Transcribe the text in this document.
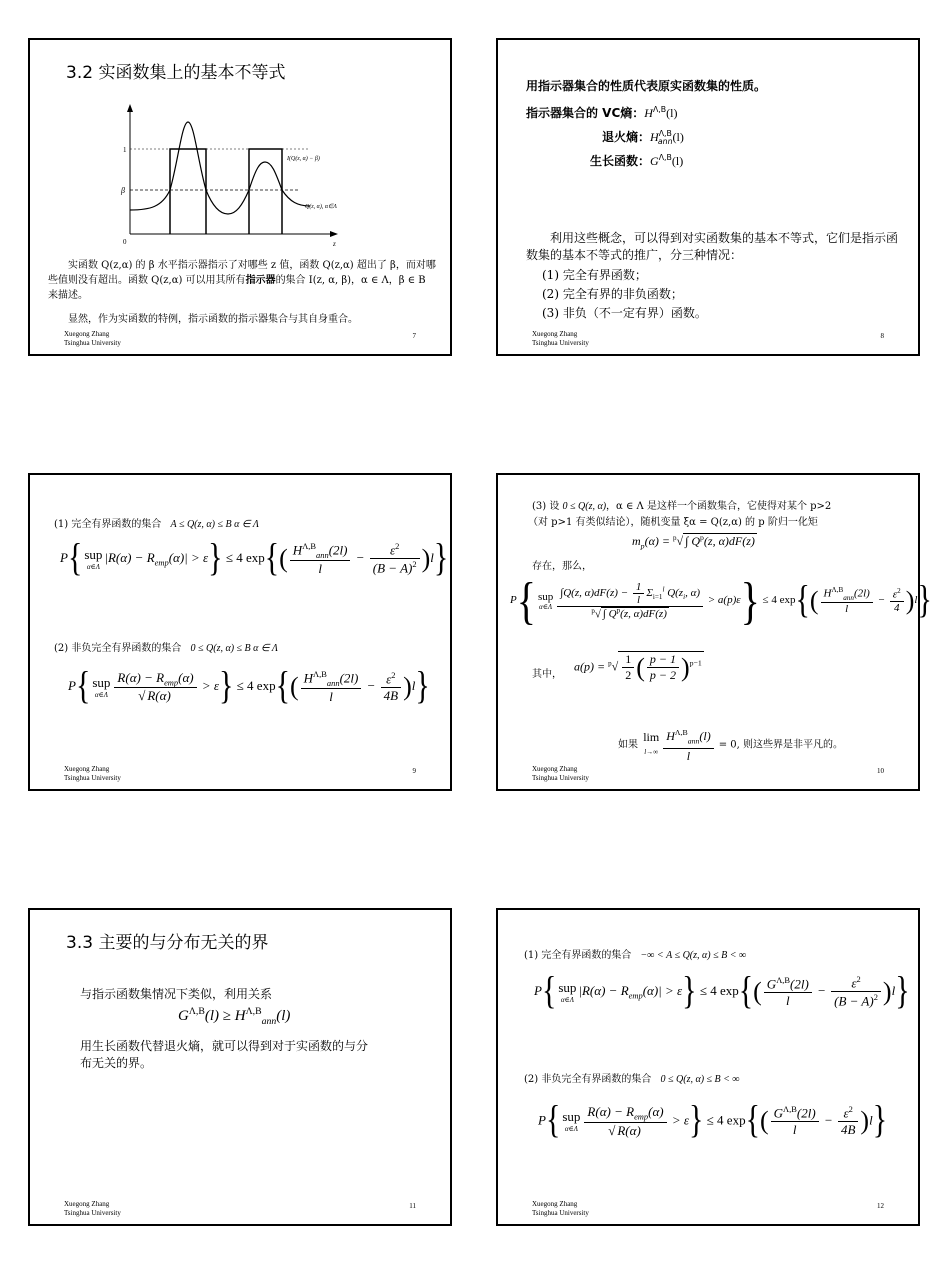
3.2 实函数集上的基本不等式
1
β
0	z
I(Q(z, α) − β)
Q(z, α), α∈Λ
实函数 Q(z,α) 的 β 水平指示器指示了对哪些 z 值，函数 Q(z,α) 超出了 β，而对哪些值则没有超出。函数 Q(z,α) 可以用其所有指示器的集合 I(z, α, β)，α ∈ Λ，β ∈ B 来描述。
显然，作为实函数的特例，指示函数的指示器集合与其自身重合。
Xuegong Zhang
Tsinghua University
7
用指示器集合的性质代表原实函数集的性质。
指示器集合的 VC熵：$H^{\Lambda,B}(l)$
退火熵：$H^{\Lambda,B}_{ann}(l)$
生长函数：$G^{\Lambda,B}(l)$
利用这些概念，可以得到对实函数集的基本不等式，它们是指示函数集的基本不等式的推广，分三种情况：
(1) 完全有界函数；
(2) 完全有界的非负函数；
(3) 非负（不一定有界）函数。
Xuegong Zhang
Tsinghua University
8
(1) 完全有界函数的集合 A ≤ Q(z, α) ≤ B α ∈ Λ
P{ sup
α∈Λ
$|R(\alpha) - R_{emp}(\alpha)| > \varepsilon\} \le 4$ $\exp\{( \frac{H^{\Lambda,B}_{ann}(2l)}{l} - \frac{\varepsilon^2}{(B - A)^2} )l\}$
(2) 非负完全有界函数的集合 0 ≤ Q(z, α) ≤ B α ∈ Λ
P{ sup
α∈Λ $\frac{R(\alpha) - R_{emp}(\alpha)}{√ R(\alpha)} > \varepsilon\} \le 4$ $\exp\{( \frac{H^{\Lambda,B}_{ann}(2l)}{l} - \frac{\varepsilon^2}{4B} )l\}$
Xuegong Zhang
Tsinghua University
9
(3) 设 0 ≤ Q(z, α)，α ∈ Λ 是这样一个函数集合，它使得对某个 p>2
（对 p>1 有类似结论），随机变量 ξα = Q(z,α) 的 p 阶归一化矩
$m_p(\alpha) = ^p√$ ∫ $Q^p(z$, α)dF(z)
存在，那么，
P{ sup
α∈Λ $\frac{\int Q(z, \alpha)dF(z) - \frac{1}{l} \Sigma_{i=1}^l Q(z_i, \alpha)}{^p√ \int Q^p(z, \alpha)dF(z)} > a(p)\varepsilon\} \le 4$ $\exp\{( \frac{H^{\Lambda,B}_{ann}(2l)}{l} - \frac{\varepsilon^2}{4} )l\}$
其中，
$a(p) = ^p√ \frac{1}{2}$ ( $\frac{p - 1}{p - 2} )^{p-1}$
如果 lim
$l\to\infty \frac{H^{\Lambda,B}_{ann}(l)}{l} = 0$, 则这些界是非平凡的。
Xuegong Zhang
Tsinghua University
10
3.3 主要的与分布无关的界
与指示函数集情况下类似，利用关系
$G^{\Lambda,B}(l) \ge H^{\Lambda,B}_{ann}(l)$
用生长函数代替退火熵，就可以得到对于实函数的与分布无关的界。
Xuegong Zhang
Tsinghua University
11
(1) 完全有界函数的集合 −∞ < A ≤ Q(z, α) ≤ B < ∞
P{ sup
α∈Λ
$|R(\alpha) - R_{emp}(\alpha)| > \varepsilon\} \le 4$ $\exp\{( \frac{G^{\Lambda,B}(2l)}{l} - \frac{\varepsilon^2}{(B - A)^2} )l\}$
(2) 非负完全有界函数的集合 0 ≤ Q(z, α) ≤ B < ∞
P{ sup
α∈Λ $\frac{R(\alpha) - R_{emp}(\alpha)}{√ R(\alpha)} > \varepsilon\} \le 4$ $\exp\{( \frac{G^{\Lambda,B}(2l)}{l} - \frac{\varepsilon^2}{4B} )l\}$
Xuegong Zhang
Tsinghua University
12
